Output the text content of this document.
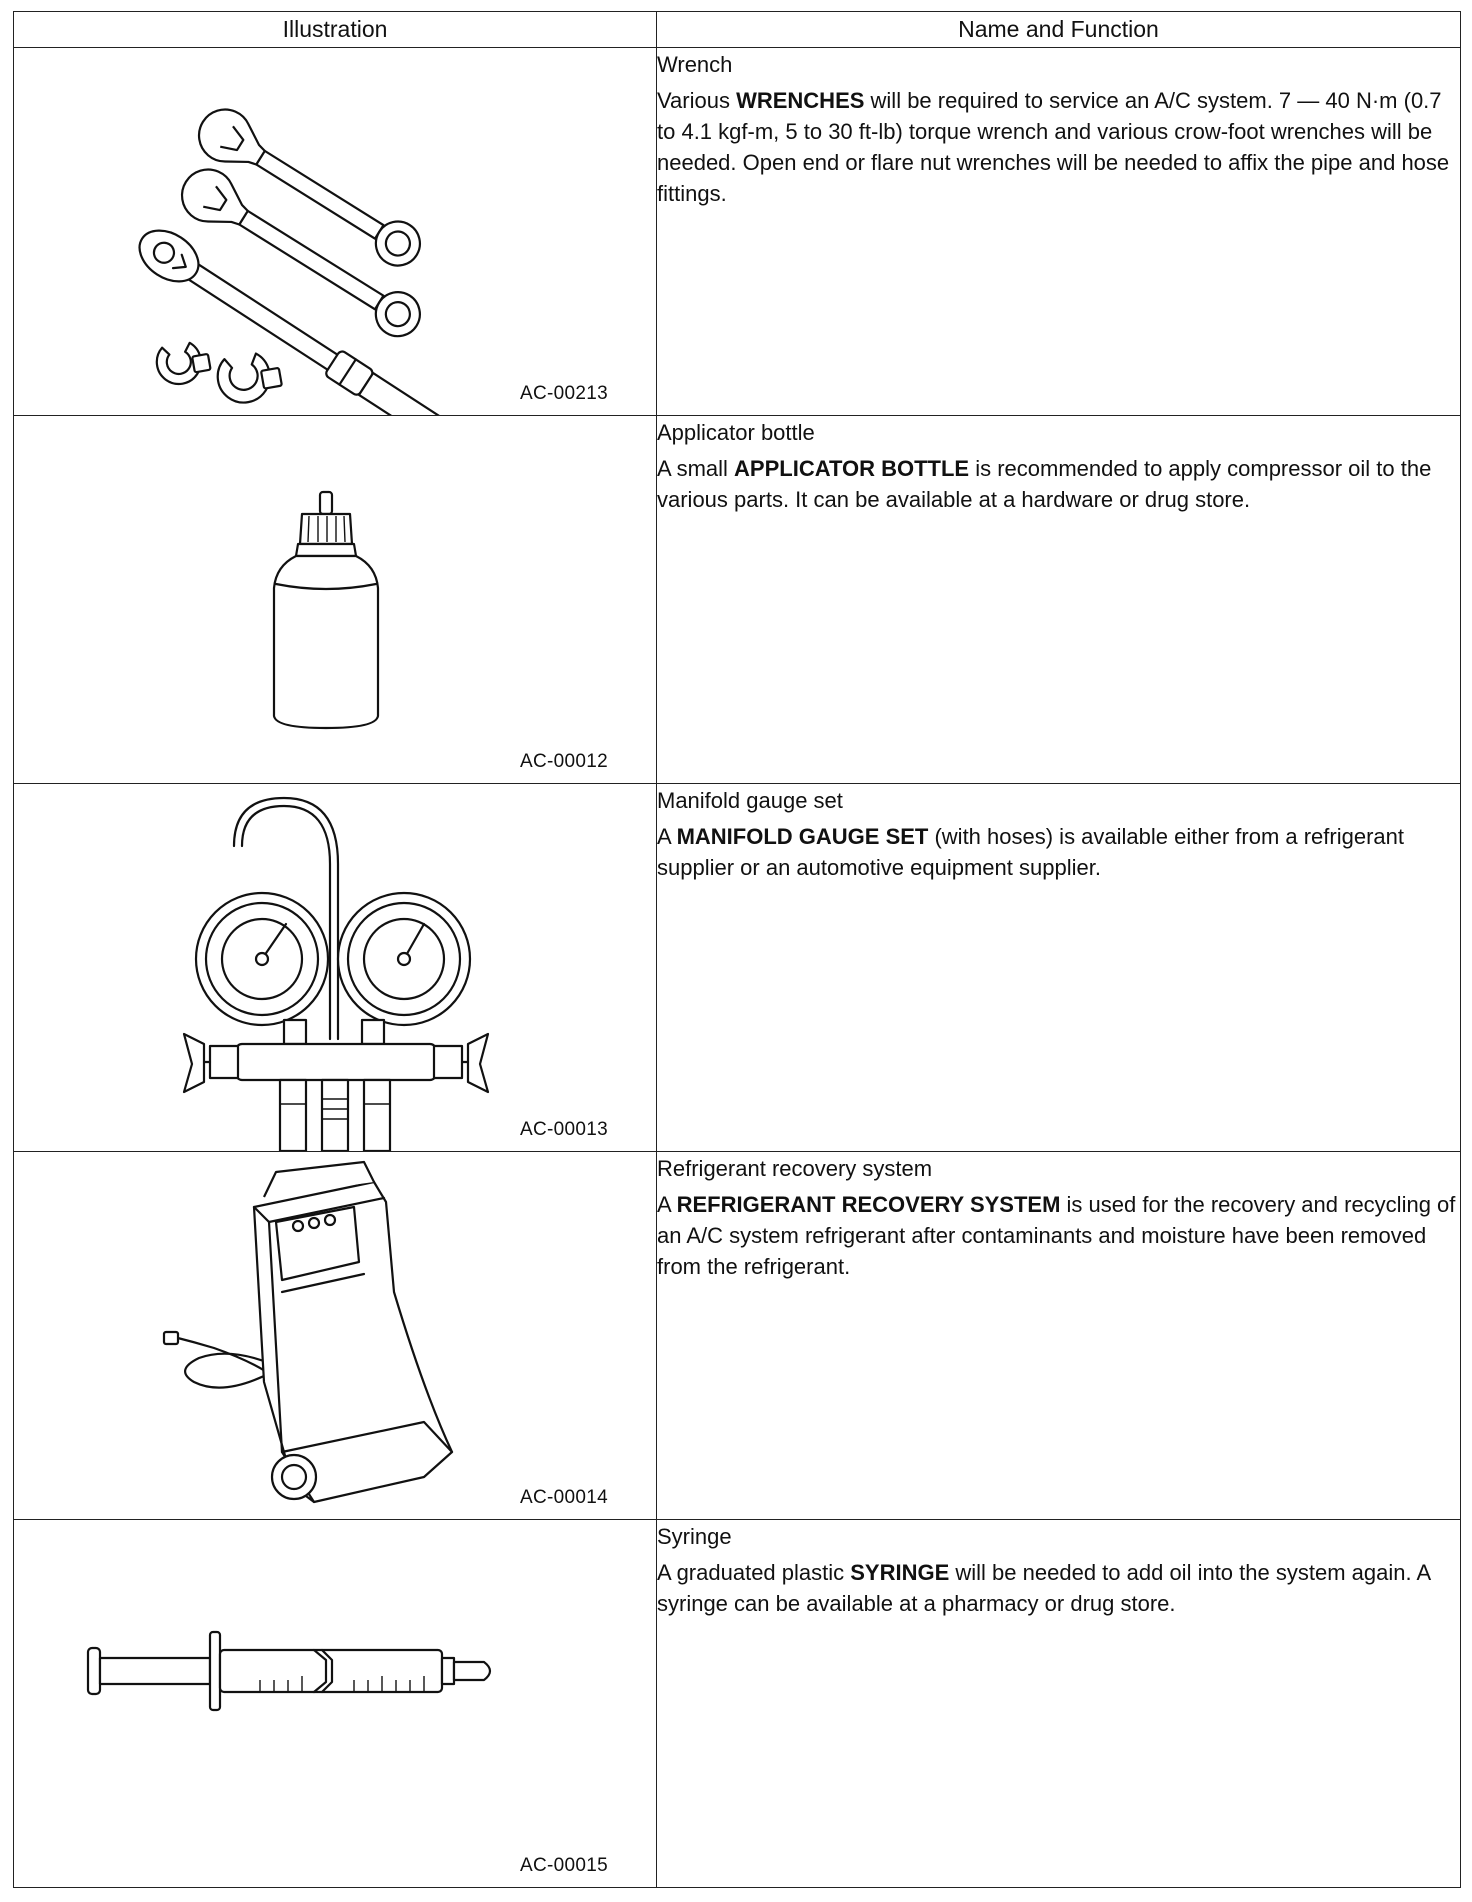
Illustration	Name and Function

AC-00213	Wrench

Various WRENCHES will be required to service an A/C system. 7 — 40 N·m (0.7 to 4.1 kgf-m, 5 to 30 ft-lb) torque wrench and various crow-foot wrenches will be needed. Open end or flare nut wrenches will be needed to affix the pipe and hose fittings.

AC-00012	Applicator bottle

A small APPLICATOR BOTTLE is recommended to apply compressor oil to the various parts. It can be available at a hardware or drug store.

AC-00013	Manifold gauge set

A MANIFOLD GAUGE SET (with hoses) is available either from a refrigerant supplier or an automotive equipment supplier.

AC-00014	Refrigerant recovery system

A REFRIGERANT RECOVERY SYSTEM is used for the recovery and recycling of an A/C system refrigerant after contaminants and moisture have been removed from the refrigerant.

AC-00015	Syringe

A graduated plastic SYRINGE will be needed to add oil into the system again. A syringe can be available at a pharmacy or drug store.
